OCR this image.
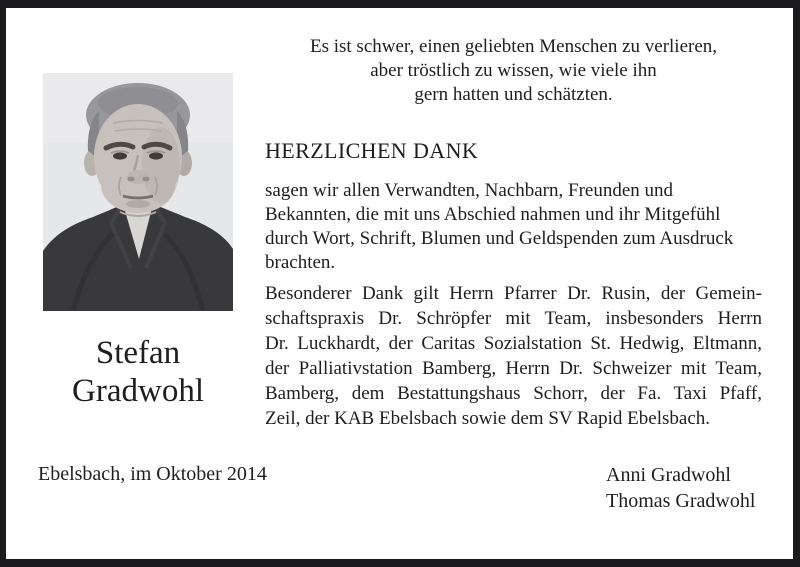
Es ist schwer, einen geliebten Menschen zu verlieren,
aber tröstlich zu wissen, wie viele ihn
gern hatten und schätzten.
HERZLICHEN DANK
sagen wir allen Verwandten, Nachbarn, Freunden und
Bekannten, die mit uns Abschied nahmen und ihr Mitgefühl
durch Wort, Schrift, Blumen und Geldspenden zum Ausdruck
brachten.
Besonderer Dank gilt Herrn Pfarrer Dr. Rusin, der Gemein-
schaftspraxis Dr. Schröpfer mit Team, insbesonders Herrn
Dr. Luckhardt, der Caritas Sozialstation St. Hedwig, Eltmann,
der Palliativstation Bamberg, Herrn Dr. Schweizer mit Team,
Bamberg, dem Bestattungshaus Schorr, der Fa. Taxi Pfaff,
Zeil, der KAB Ebelsbach sowie dem SV Rapid Ebelsbach.
Stefan
Gradwohl
Ebelsbach, im Oktober 2014	Anni Gradwohl
Thomas Gradwohl
